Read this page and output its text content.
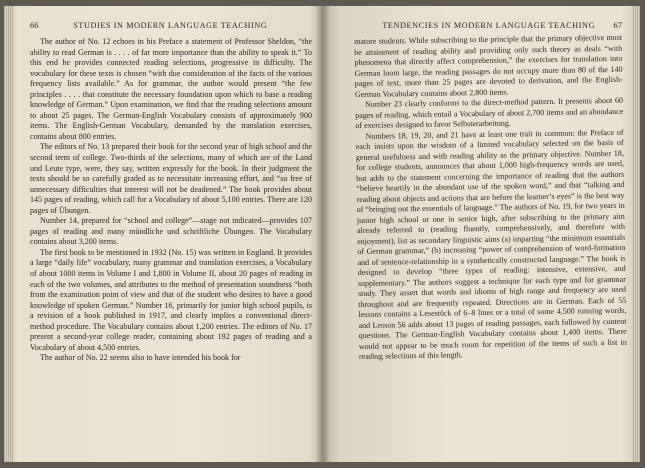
66	STUDIES IN MODERN LANGUAGE TEACHING

The author of No. 12 echoes in his Preface a statement of Professor Sheldon, “the ability to read German is . . . . of far more importance than the ability to speak it.” To this end he provides connected reading selections, progressive in difficulty. The vocabulary for these texts is chosen “with due consideration of the facts of the various frequency lists available.” As for grammar, the author would present “the few principles . . . . that constitute the necessary foundation upon which to base a reading knowledge of German.” Upon examination, we find that the reading selections amount to about 25 pages. The German-English Vocabulary consists of approximately 900 items. The English-German Vocabulary, demanded by the translation exercises, contains about 800 entries.

The editors of No. 13 prepared their book for the second year of high school and the second term of college. Two-thirds of the selections, many of which are of the Land und Leute type, were, they say, written expressly for the book. In their judgment the texts should be so carefully graded as to necessitate increasing effort, and “so free of unnecessary difficulties that interest will not be deadened.” The book provides about 145 pages of reading, which call for a Vocabulary of about 5,100 entries. There are 120 pages of Übungen.

Number 14, prepared for “school and college”—stage not indicated—provides 107 pages of reading and many mündliche und schriftliche Übungen. The Vocabulary contains about 3,200 items.

The first book to be mentioned in 1932 (No. 15) was written in England. It provides a large “daily life” vocabulary, many grammar and translation exercises, a Vocabulary of about 1000 items in Volume I and 1,800 in Volume II, about 20 pages of reading in each of the two volumes, and attributes to the method of presentation soundness “both from the examination point of view and that of the student who desires to have a good knowledge of spoken German.” Number 16, primarily for junior high school pupils, is a revision of a book published in 1917, and clearly implies a conventional direct-method procedure. The Vocabulary contains about 1,200 entries. The editors of No. 17 present a second-year college reader, containing about 192 pages of reading and a Vocabulary of about 4,500 entries.

The author of No. 22 seems also to have intended his book for

TENDENCIES IN MODERN LANGUAGE TEACHING 67

mature students. While subscribing to the principle that the primary objective must be attainment of reading ability and providing only such theory as deals “with phenomena that directly affect comprehension,” the exercises for translation into German loom large, the reading passages do not occupy more than 80 of the 140 pages of text, more than 25 pages are devoted to derivation, and the English-German Vocabulary contains about 2,800 items.

Number 23 clearly conforms to the direct-method pattern. It presents about 60 pages of reading, which entail a Vocabulary of about 2,700 items and an abundance of exercises designed to favor Selbsterarbeitung.

Numbers 18, 19, 20, and 21 have at least one trait in common: the Preface of each insists upon the wisdom of a limited vocabulary selected on the basis of general usefulness and with reading ability as the primary objective. Number 18, for college students, announces that about 1,000 high-frequency words are used, but adds to the statement concerning the importance of reading that the authors “believe heartily in the abundant use of the spoken word,” and that “talking and reading about objects and actions that are before the learner’s eyes” is the best way of “bringing out the essentials of language.” The authors of No. 19, for two years in junior high school or one in senior high, after subscribing to the primary aim already referred to (reading fluently, comprehensively, and therefore with enjoyment), list as secondary linguistic aims (a) imparting “the minimum essentials of German grammar,” (b) increasing “power of comprehension of word-formation and of sentence-relationship in a synthetically constructed language.” The book is designed to develop “three types of reading: intensive, extensive, and supplementary.” The authors suggest a technique for each type and for grammar study. They assert that words and idioms of high range and frequency are used throughout and are frequently repeated. Directions are in German. Each of 55 lessons contains a Lesestück of 6–8 lines or a total of some 4,500 running words, and Lesson 56 adds about 13 pages of reading passages, each followed by content questions. The German-English Vocabulary contains about 1,400 items. There would not appear to be much room for repetition of the items of such a list in reading selections of this length.
